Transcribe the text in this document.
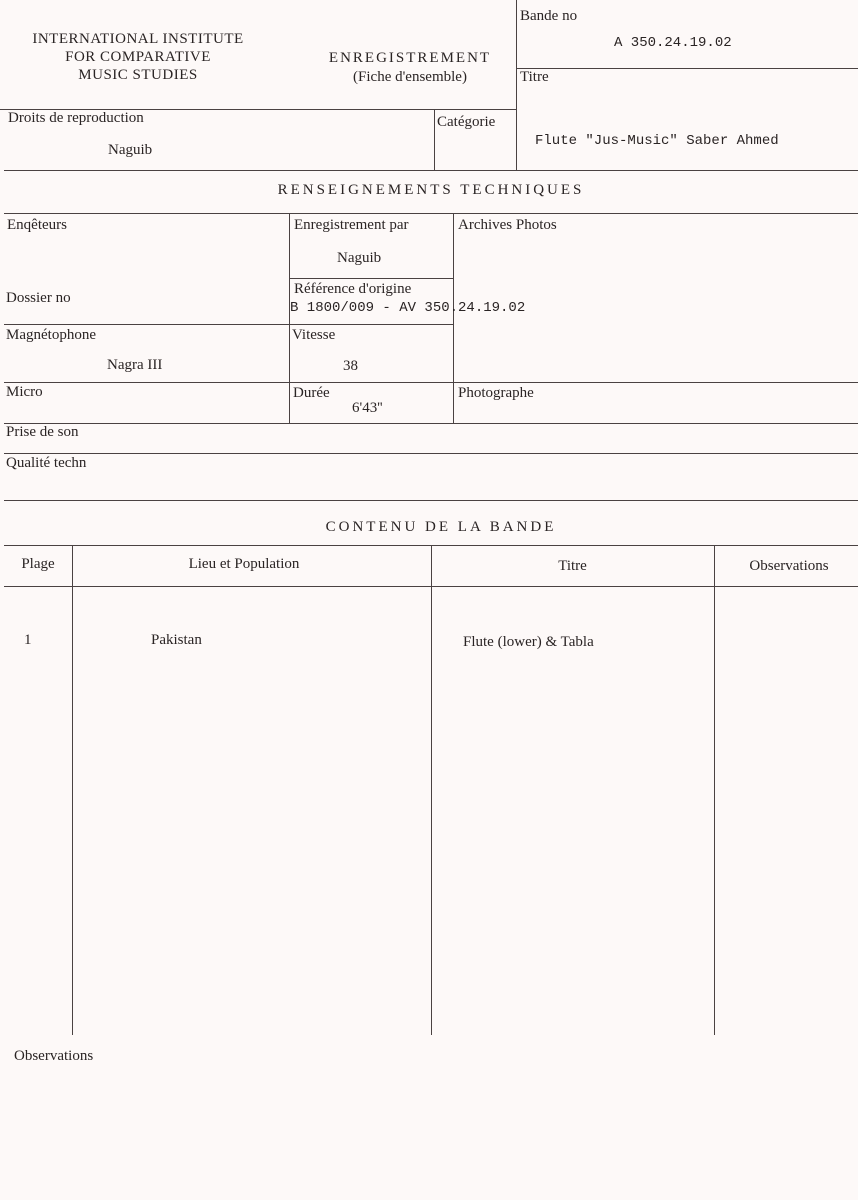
INTERNATIONAL INSTITUTE
FOR COMPARATIVE
MUSIC STUDIES
ENREGISTREMENT
(Fiche d'ensemble)
Bande no
A 350.24.19.02
Titre
Flute "Jus-Music" Saber Ahmed
Droits de reproduction
Naguib
Catégorie
RENSEIGNEMENTS TECHNIQUES
Enqêteurs	Enregistrement par
Naguib
Archives Photos
Dossier no
Référence d'origine
B 1800/009 - AV 350.24.19.02
Magnétophone
Nagra III
Vitesse
38
Micro	Durée
6'43''
Photographe
Prise de son
Qualité techn
CONTENU DE LA BANDE
Plage	Lieu et Population	Titre	Observations
1	Pakistan	Flute (lower) & Tabla
Observations
